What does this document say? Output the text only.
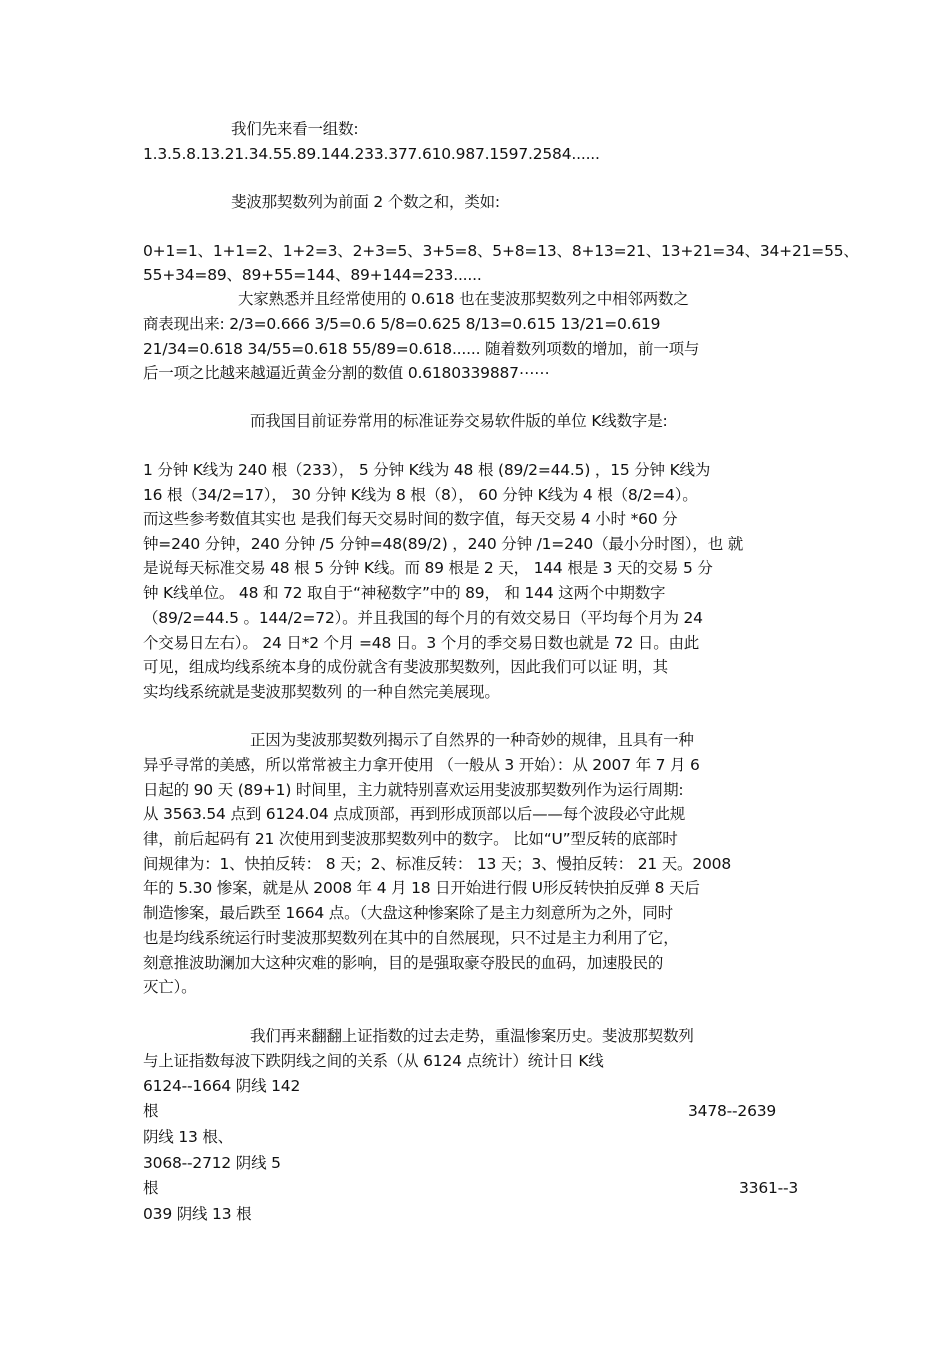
我们先来看一组数:
1.3.5.8.13.21.34.55.89.144.233.377.610.987.1597.2584......
斐波那契数列为前面 2 个数之和，类如:
0+1=1、1+1=2、1+2=3、2+3=5、3+5=8、5+8=13、8+13=21、13+21=34、34+21=55、
55+34=89、89+55=144、89+144=233......
大家熟悉并且经常使用的 0.618 也在斐波那契数列之中相邻两数之
商表现出来: 2/3=0.666 3/5=0.6 5/8=0.625 8/13=0.615 13/21=0.619
21/34=0.618 34/55=0.618 55/89=0.618...... 随着数列项数的增加，前一项与
后一项之比越来越逼近黄金分割的数值 0.6180339887⋯⋯
而我国目前证券常用的标准证券交易软件版的单位 K线数字是:
1 分钟 K线为 240 根（233）， 5 分钟 K线为 48 根 (89/2=44.5) ，15 分钟 K线为
16 根（34/2=17）， 30 分钟 K线为 8 根（8）， 60 分钟 K线为 4 根（8/2=4）。
而这些参考数值其实也 是我们每天交易时间的数字值，每天交易 4 小时 *60 分
钟=240 分钟，240 分钟 /5 分钟=48(89/2) ，240 分钟 /1=240（最小分时图），也 就
是说每天标准交易 48 根 5 分钟 K线。而 89 根是 2 天， 144 根是 3 天的交易 5 分
钟 K线单位。 48 和 72 取自于“神秘数字”中的 89， 和 144 这两个中期数字
（89/2=44.5 。144/2=72）。并且我国的每个月的有效交易日（平均每个月为 24
个交易日左右）。 24 日*2 个月 =48 日。3 个月的季交易日数也就是 72 日。由此
可见，组成均线系统本身的成份就含有斐波那契数列，因此我们可以证 明，其
实均线系统就是斐波那契数列 的一种自然完美展现。
正因为斐波那契数列揭示了自然界的一种奇妙的规律，且具有一种
异乎寻常的美感，所以常常被主力拿开使用 （一般从 3 开始）：从 2007 年 7 月 6
日起的 90 天 (89+1) 时间里，主力就特别喜欢运用斐波那契数列作为运行周期:
从 3563.54 点到 6124.04 点成顶部，再到形成顶部以后——每个波段必守此规
律，前后起码有 21 次使用到斐波那契数列中的数字。 比如“U”型反转的底部时
间规律为：1、快拍反转： 8 天；2、标准反转： 13 天；3、慢拍反转： 21 天。2008
年的 5.30 惨案，就是从 2008 年 4 月 18 日开始进行假 U形反转快拍反弹 8 天后
制造惨案，最后跌至 1664 点。（大盘这种惨案除了是主力刻意所为之外，同时
也是均线系统运行时斐波那契数列在其中的自然展现，只不过是主力利用了它，
刻意推波助澜加大这种灾难的影响，目的是强取豪夺股民的血码，加速股民的
灭亡）。
我们再来翻翻上证指数的过去走势，重温惨案历史。斐波那契数列
与上证指数每波下跌阴线之间的关系（从 6124 点统计）统计日 K线
6124--1664 阴线 142
根	3478--2639
阴线 13 根、
3068--2712 阴线 5
根	3361--3
039 阴线 13 根
